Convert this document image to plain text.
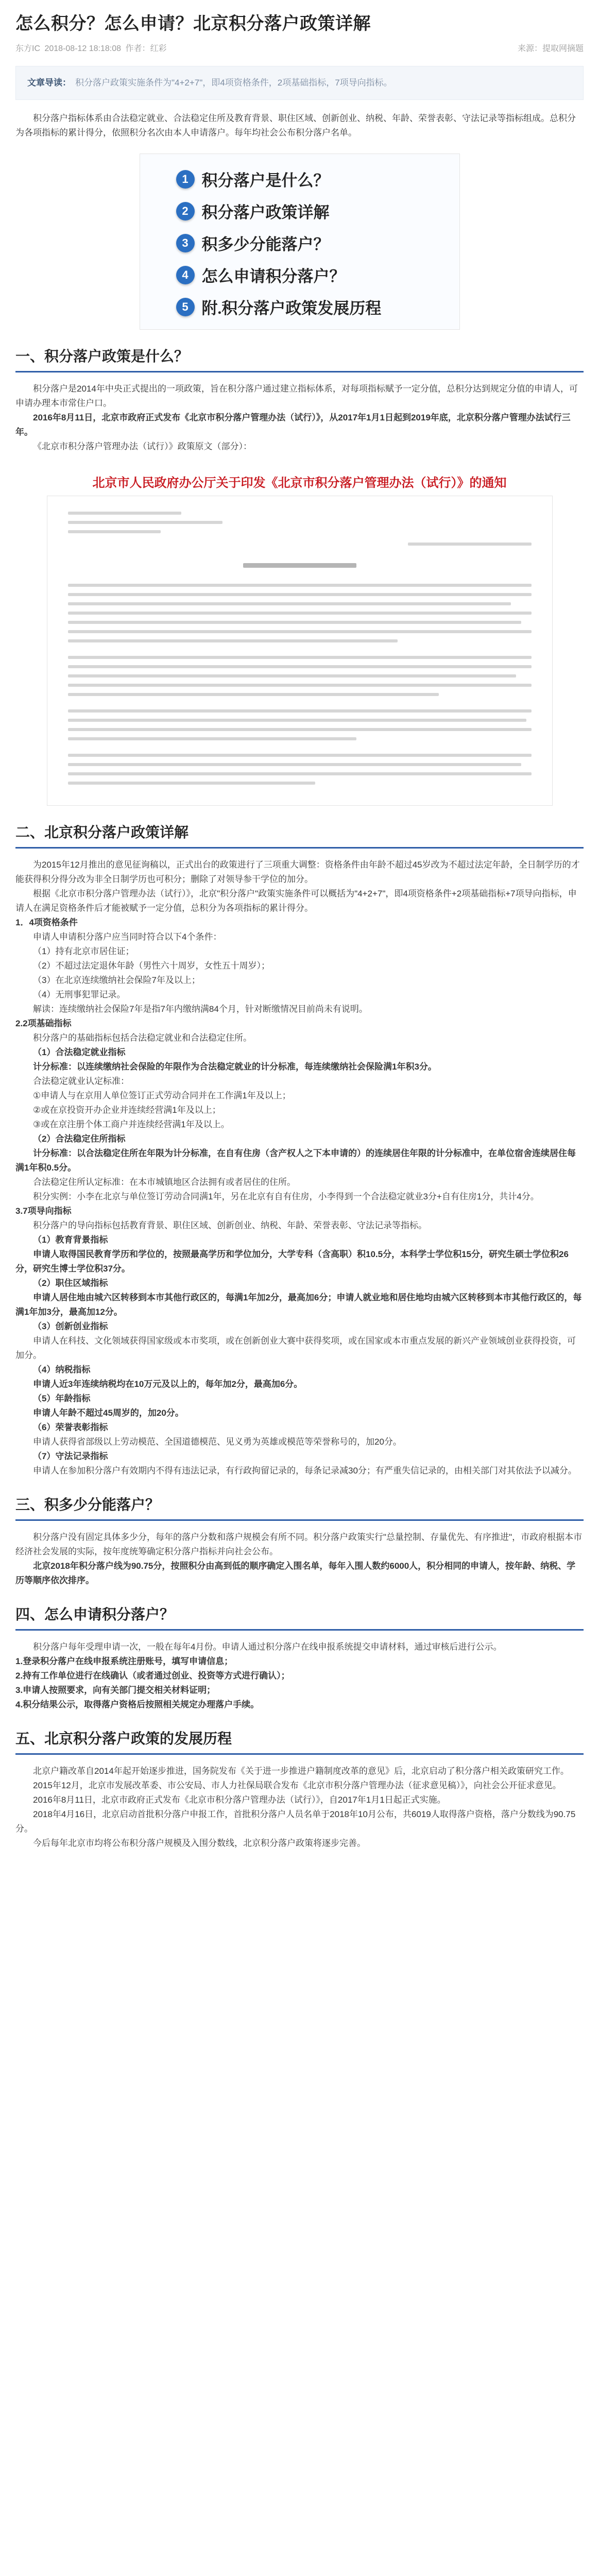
怎么积分？怎么申请？北京积分落户政策详解
东方IC 2018-08-12 18:18:08 作者：红彩	来源：提取网摘题
文章导读： 积分落户政策实施条件为"4+2+7"，即4项资格条件，2项基础指标，7项导向指标。

积分落户指标体系由合法稳定就业、合法稳定住所及教育背景、职住区域、创新创业、纳税、年龄、荣誉表彰、守法记录等指标组成。总积分为各项指标的累计得分，依照积分名次由本人申请落户。每年均社会公布积分落户名单。

1 积分落户是什么？
2 积分落户政策详解
3 积多少分能落户？
4 怎么申请积分落户？
5 附.积分落户政策发展历程
一、积分落户政策是什么？

积分落户是2014年中央正式提出的一项政策，旨在积分落户通过建立指标体系，对每项指标赋予一定分值，总积分达到规定分值的申请人，可申请办理本市常住户口。

2016年8月11日，北京市政府正式发布《北京市积分落户管理办法（试行）》，从2017年1月1日起到2019年底，北京积分落户管理办法试行三年。

《北京市积分落户管理办法（试行）》政策原文（部分）：

北京市人民政府办公厅关于印发《北京市积分落户管理办法（试行）》的通知
二、北京积分落户政策详解

为2015年12月推出的意见征询稿以，正式出台的政策进行了三项重大调整：资格条件由年龄不超过45岁改为不超过法定年龄，全日制学历的才能获得积分得分改为非全日制学历也可积分；删除了对领导参干学位的加分。

根据《北京市积分落户管理办法（试行）》，北京"积分落户"政策实施条件可以概括为"4+2+7"，即4项资格条件+2项基础指标+7项导向指标，申请人在满足资格条件后才能被赋予一定分值，总积分为各项指标的累计得分。

1．4项资格条件

申请人申请积分落户应当同时符合以下4个条件：

（1）持有北京市居住证；

（2）不超过法定退休年龄（男性六十周岁，女性五十周岁）；

（3）在北京连续缴纳社会保险7年及以上；

（4）无刑事犯罪记录。

解读：连续缴纳社会保险7年是指7年内缴纳满84个月，针对断缴情况目前尚未有说明。

2.2项基础指标

积分落户的基础指标包括合法稳定就业和合法稳定住所。

（1）合法稳定就业指标

计分标准：以连续缴纳社会保险的年限作为合法稳定就业的计分标准，每连续缴纳社会保险满1年积3分。

合法稳定就业认定标准：

①申请人与在京用人单位签订正式劳动合同并在工作满1年及以上；

②或在京投资开办企业并连续经营满1年及以上；

③或在京注册个体工商户并连续经营满1年及以上。

（2）合法稳定住所指标

计分标准：以合法稳定住所在年限为计分标准，在自有住房（含产权人之下本申请的）的连续居住年限的计分标准中，在单位宿舍连续居住每满1年积0.5分。

合法稳定住所认定标准：在本市城镇地区合法拥有或者居住的住所。

积分实例：小李在北京与单位签订劳动合同满1年，另在北京有自有住房，小李得到一个合法稳定就业3分+自有住房1分，共计4分。

3.7项导向指标

积分落户的导向指标包括教育背景、职住区域、创新创业、纳税、年龄、荣誉表彰、守法记录等指标。

（1）教育背景指标

申请人取得国民教育学历和学位的，按照最高学历和学位加分，大学专科（含高职）积10.5分，本科学士学位积15分，研究生硕士学位积26分，研究生博士学位积37分。

（2）职住区域指标

申请人居住地由城六区转移到本市其他行政区的，每满1年加2分，最高加6分；申请人就业地和居住地均由城六区转移到本市其他行政区的，每满1年加3分，最高加12分。

（3）创新创业指标

申请人在科技、文化领域获得国家级或本市奖项，或在创新创业大赛中获得奖项，或在国家或本市重点发展的新兴产业领域创业获得投资，可加分。

（4）纳税指标

申请人近3年连续纳税均在10万元及以上的，每年加2分，最高加6分。

（5）年龄指标

申请人年龄不超过45周岁的，加20分。

（6）荣誉表彰指标

申请人获得省部级以上劳动模范、全国道德模范、见义勇为英雄或模范等荣誉称号的，加20分。

（7）守法记录指标

申请人在参加积分落户有效期内不得有违法记录，有行政拘留记录的，每条记录减30分；有严重失信记录的，由相关部门对其依法予以减分。

三、积多少分能落户？

积分落户没有固定具体多少分，每年的落户分数和落户规模会有所不同。积分落户政策实行"总量控制、存量优先、有序推进"，市政府根据本市经济社会发展的实际，按年度统筹确定积分落户指标并向社会公布。

北京2018年积分落户线为90.75分，按照积分由高到低的顺序确定入围名单，每年入围人数约6000人，积分相同的申请人，按年龄、纳税、学历等顺序依次排序。

四、怎么申请积分落户？

积分落户每年受理申请一次，一般在每年4月份。申请人通过积分落户在线申报系统提交申请材料，通过审核后进行公示。

1.登录积分落户在线申报系统注册账号，填写申请信息；

2.持有工作单位进行在线确认（或者通过创业、投资等方式进行确认）；

3.申请人按照要求，向有关部门提交相关材料证明；

4.积分结果公示，取得落户资格后按照相关规定办理落户手续。

五、北京积分落户政策的发展历程

北京户籍改革自2014年起开始逐步推进，国务院发布《关于进一步推进户籍制度改革的意见》后，北京启动了积分落户相关政策研究工作。

2015年12月，北京市发展改革委、市公安局、市人力社保局联合发布《北京市积分落户管理办法（征求意见稿）》，向社会公开征求意见。

2016年8月11日，北京市政府正式发布《北京市积分落户管理办法（试行）》，自2017年1月1日起正式实施。

2018年4月16日，北京启动首批积分落户申报工作，首批积分落户人员名单于2018年10月公布，共6019人取得落户资格，落户分数线为90.75分。

今后每年北京市均将公布积分落户规模及入围分数线，北京积分落户政策将逐步完善。
